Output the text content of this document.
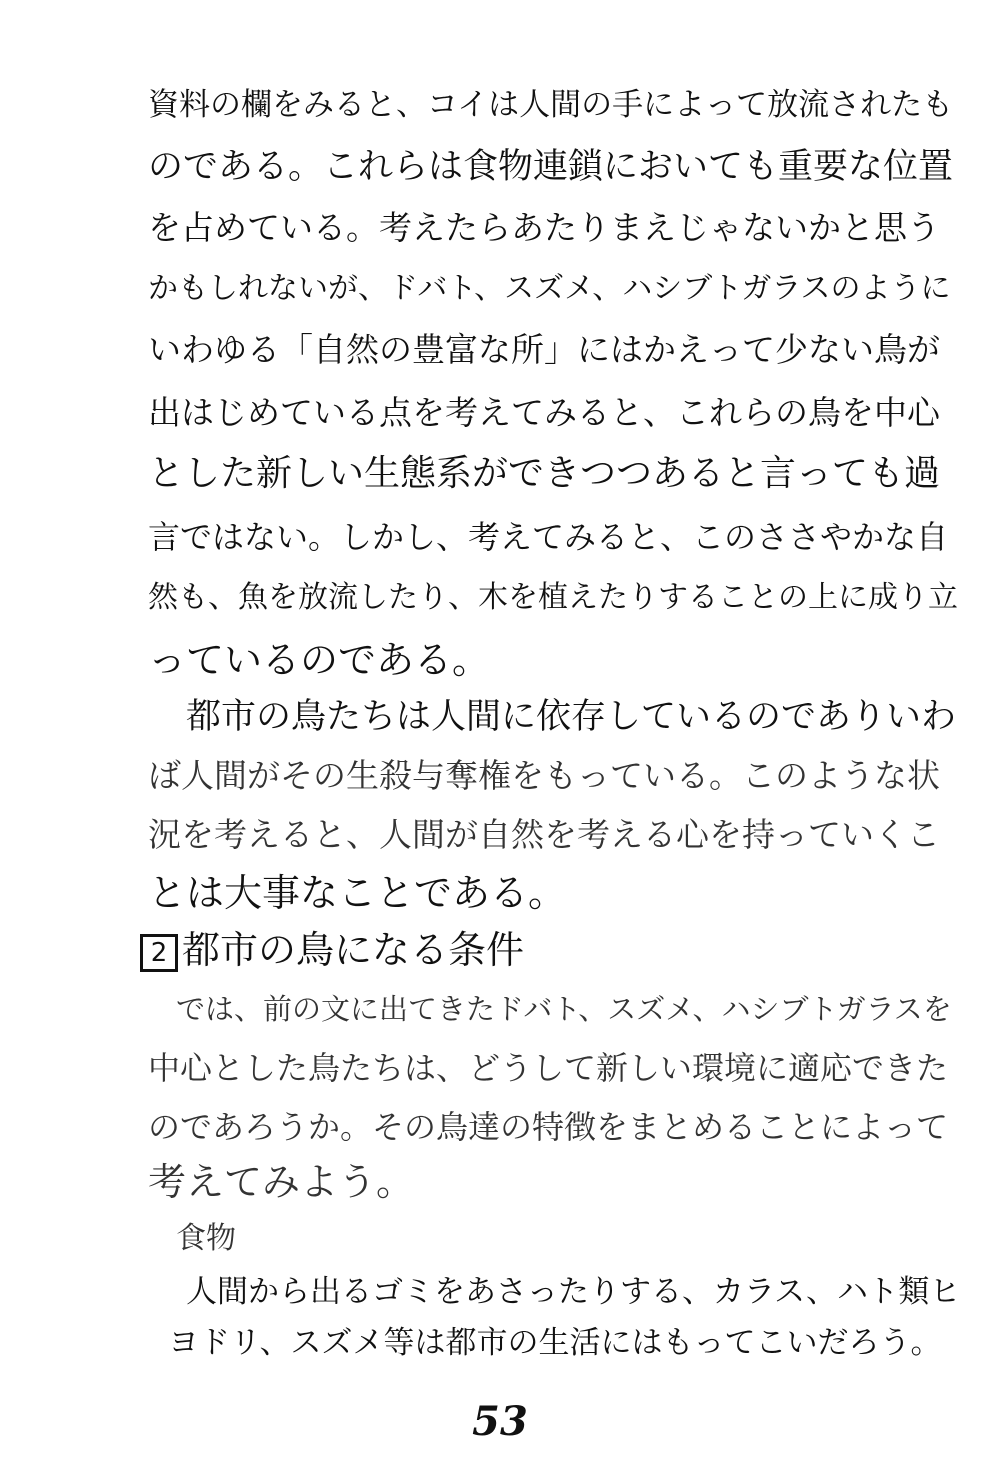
資料の欄をみると、コイは人間の手によって放流されたも
のである。これらは食物連鎖においても重要な位置
を占めている。考えたらあたりまえじゃないかと思う
かもしれないが、ドバト、スズメ、ハシブトガラスのように
いわゆる「自然の豊富な所」にはかえって少ない鳥が
出はじめている点を考えてみると、これらの鳥を中心
とした新しい生態系ができつつあると言っても過
言ではない。しかし、考えてみると、このささやかな自
然も、魚を放流したり、木を植えたりすることの上に成り立
っているのである。
都市の鳥たちは人間に依存しているのでありいわ
ば人間がその生殺与奪権をもっている。このような状
況を考えると、人間が自然を考える心を持っていくこ
とは大事なことである。
2 都市の鳥になる条件
では、前の文に出てきたドバト、スズメ、ハシブトガラスを
中心とした鳥たちは、どうして新しい環境に適応できた
のであろうか。その鳥達の特徴をまとめることによって
考えてみよう。
食物
人間から出るゴミをあさったりする、カラス、ハト類ヒ
ヨドリ、スズメ等は都市の生活にはもってこいだろう。
53
